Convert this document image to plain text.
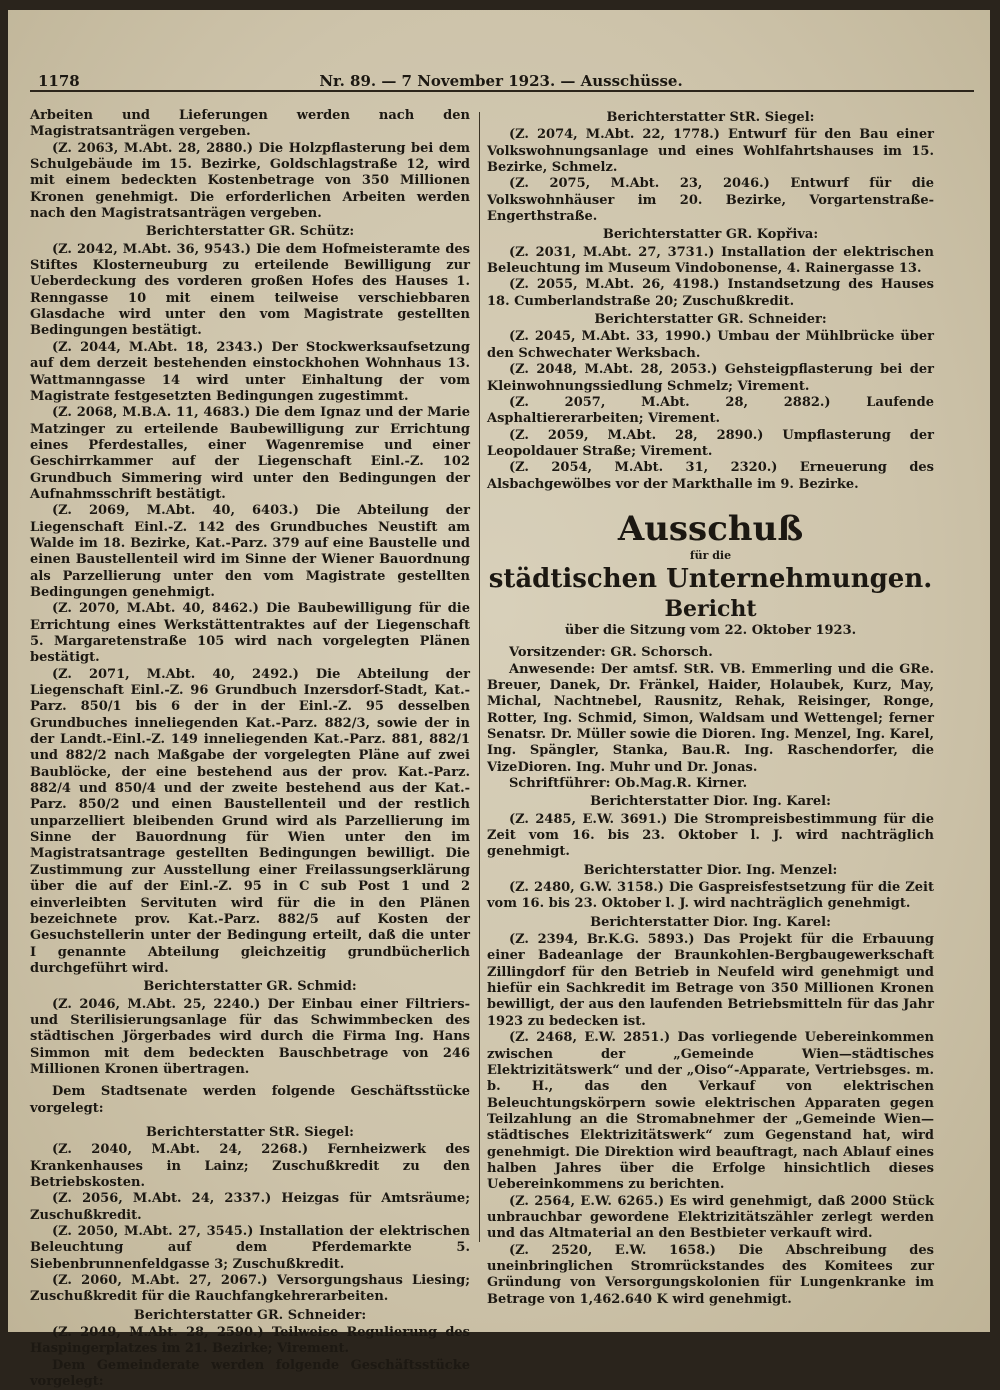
1178	Nr. 89. — 7 November 1923. — Ausschüsse.

Arbeiten und Lieferungen werden nach den Magistratsanträgen vergeben.

(Z. 2063, M.Abt. 28, 2880.) Die Holzpflasterung bei dem Schulgebäude im 15. Bezirke, Goldschlagstraße 12, wird mit einem bedeckten Kostenbetrage von 350 Millionen Kronen genehmigt. Die erforderlichen Arbeiten werden nach den Magistratsanträgen vergeben.

Berichterstatter GR. Schütz:

(Z. 2042, M.Abt. 36, 9543.) Die dem Hofmeisteramte des Stiftes Klosterneuburg zu erteilende Bewilligung zur Ueberdeckung des vorderen großen Hofes des Hauses 1. Renngasse 10 mit einem teilweise verschiebbaren Glasdache wird unter den vom Magistrate gestellten Bedingungen bestätigt.

(Z. 2044, M.Abt. 18, 2343.) Der Stockwerksaufsetzung auf dem derzeit bestehenden einstockhohen Wohnhaus 13. Wattmanngasse 14 wird unter Einhaltung der vom Magistrate festgesetzten Bedingungen zugestimmt.

(Z. 2068, M.B.A. 11, 4683.) Die dem Ignaz und der Marie Matzinger zu erteilende Baubewilligung zur Errichtung eines Pferdestalles, einer Wagenremise und einer Geschirrkammer auf der Liegenschaft Einl.-Z. 102 Grundbuch Simmering wird unter den Bedingungen der Aufnahmsschrift bestätigt.

(Z. 2069, M.Abt. 40, 6403.) Die Abteilung der Liegenschaft Einl.-Z. 142 des Grundbuches Neustift am Walde im 18. Bezirke, Kat.-Parz. 379 auf eine Baustelle und einen Baustellenteil wird im Sinne der Wiener Bauordnung als Parzellierung unter den vom Magistrate gestellten Bedingungen genehmigt.

(Z. 2070, M.Abt. 40, 8462.) Die Baubewilligung für die Errichtung eines Werkstättentraktes auf der Liegenschaft 5. Margaretenstraße 105 wird nach vorgelegten Plänen bestätigt.

(Z. 2071, M.Abt. 40, 2492.) Die Abteilung der Liegenschaft Einl.-Z. 96 Grundbuch Inzersdorf-Stadt, Kat.-Parz. 850/1 bis 6 der in der Einl.-Z. 95 desselben Grundbuches inneliegenden Kat.-Parz. 882/3, sowie der in der Landt.-Einl.-Z. 149 inneliegenden Kat.-Parz. 881, 882/1 und 882/2 nach Maßgabe der vorgelegten Pläne auf zwei Baublöcke, der eine bestehend aus der prov. Kat.-Parz. 882/4 und 850/4 und der zweite bestehend aus der Kat.-Parz. 850/2 und einen Baustellenteil und der restlich unparzelliert bleibenden Grund wird als Parzellierung im Sinne der Bauordnung für Wien unter den im Magistratsantrage gestellten Bedingungen bewilligt. Die Zustimmung zur Ausstellung einer Freilassungserklärung über die auf der Einl.-Z. 95 in C sub Post 1 und 2 einverleibten Servituten wird für die in den Plänen bezeichnete prov. Kat.-Parz. 882/5 auf Kosten der Gesuchstellerin unter der Bedingung erteilt, daß die unter I genannte Abteilung gleichzeitig grundbücherlich durchgeführt wird.

Berichterstatter GR. Schmid:

(Z. 2046, M.Abt. 25, 2240.) Der Einbau einer Filtriers- und Sterilisierungsanlage für das Schwimmbecken des städtischen Jörgerbades wird durch die Firma Ing. Hans Simmon mit dem bedeckten Bauschbetrage von 246 Millionen Kronen übertragen.

Dem Stadtsenate werden folgende Geschäftsstücke vorgelegt:

Berichterstatter StR. Siegel:

(Z. 2040, M.Abt. 24, 2268.) Fernheizwerk des Krankenhauses in Lainz; Zuschußkredit zu den Betriebskosten.

(Z. 2056, M.Abt. 24, 2337.) Heizgas für Amtsräume; Zuschußkredit.

(Z. 2050, M.Abt. 27, 3545.) Installation der elektrischen Beleuchtung auf dem Pferdemarkte 5. Siebenbrunnenfeldgasse 3; Zuschußkredit.

(Z. 2060, M.Abt. 27, 2067.) Versorgungshaus Liesing; Zuschußkredit für die Rauchfangkehrerarbeiten.

Berichterstatter GR. Schneider:

(Z. 2049, M.Abt. 28, 2590.) Teilweise Regulierung des Haspingerplatzes im 21. Bezirke; Virement.

Dem Gemeinderate werden folgende Geschäftsstücke vorgelegt:

Berichterstatter StR. Siegel:

(Z. 2074, M.Abt. 22, 1778.) Entwurf für den Bau einer Volkswohnungsanlage und eines Wohlfahrtshauses im 15. Bezirke, Schmelz.

(Z. 2075, M.Abt. 23, 2046.) Entwurf für die Volkswohnhäuser im 20. Bezirke, Vorgartenstraße-Engerthstraße.

Berichterstatter GR. Kopřiva:

(Z. 2031, M.Abt. 27, 3731.) Installation der elektrischen Beleuchtung im Museum Vindobonense, 4. Rainergasse 13.

(Z. 2055, M.Abt. 26, 4198.) Instandsetzung des Hauses 18. Cumberlandstraße 20; Zuschußkredit.

Berichterstatter GR. Schneider:

(Z. 2045, M.Abt. 33, 1990.) Umbau der Mühlbrücke über den Schwechater Werksbach.

(Z. 2048, M.Abt. 28, 2053.) Gehsteigpflasterung bei der Kleinwohnungssiedlung Schmelz; Virement.

(Z. 2057, M.Abt. 28, 2882.) Laufende Asphaltiererarbeiten; Virement.

(Z. 2059, M.Abt. 28, 2890.) Umpflasterung der Leopoldauer Straße; Virement.

(Z. 2054, M.Abt. 31, 2320.) Erneuerung des Alsbachgewölbes vor der Markthalle im 9. Bezirke.

Ausschuß
für die
städtischen Unternehmungen.
Bericht
über die Sitzung vom 22. Oktober 1923.

Vorsitzender: GR. Schorsch.

Anwesende: Der amtsf. StR. VB. Emmerling und die GRe. Breuer, Danek, Dr. Fränkel, Haider, Holaubek, Kurz, May, Michal, Nachtnebel, Rausnitz, Rehak, Reisinger, Ronge, Rotter, Ing. Schmid, Simon, Waldsam und Wettengel; ferner Senatsr. Dr. Müller sowie die Dioren. Ing. Menzel, Ing. Karel, Ing. Spängler, Stanka, Bau.R. Ing. Raschendorfer, die VizeDioren. Ing. Muhr und Dr. Jonas.

Schriftführer: Ob.Mag.R. Kirner.

Berichterstatter Dior. Ing. Karel:

(Z. 2485, E.W. 3691.) Die Strompreisbestimmung für die Zeit vom 16. bis 23. Oktober l. J. wird nachträglich genehmigt.

Berichterstatter Dior. Ing. Menzel:

(Z. 2480, G.W. 3158.) Die Gaspreisfestsetzung für die Zeit vom 16. bis 23. Oktober l. J. wird nachträglich genehmigt.

Berichterstatter Dior. Ing. Karel:

(Z. 2394, Br.K.G. 5893.) Das Projekt für die Erbauung einer Badeanlage der Braunkohlen-Bergbaugewerkschaft Zillingdorf für den Betrieb in Neufeld wird genehmigt und hiefür ein Sachkredit im Betrage von 350 Millionen Kronen bewilligt, der aus den laufenden Betriebsmitteln für das Jahr 1923 zu bedecken ist.

(Z. 2468, E.W. 2851.) Das vorliegende Uebereinkommen zwischen der „Gemeinde Wien—städtisches Elektrizitätswerk“ und der „Oiso“-Apparate, Vertriebsges. m. b. H., das den Verkauf von elektrischen Beleuchtungskörpern sowie elektrischen Apparaten gegen Teilzahlung an die Stromabnehmer der „Gemeinde Wien—städtisches Elektrizitätswerk“ zum Gegenstand hat, wird genehmigt. Die Direktion wird beauftragt, nach Ablauf eines halben Jahres über die Erfolge hinsichtlich dieses Uebereinkommens zu berichten.

(Z. 2564, E.W. 6265.) Es wird genehmigt, daß 2000 Stück unbrauchbar gewordene Elektrizitätszähler zerlegt werden und das Altmaterial an den Bestbieter verkauft wird.

(Z. 2520, E.W. 1658.) Die Abschreibung des uneinbringlichen Stromrückstandes des Komitees zur Gründung von Versorgungskolonien für Lungenkranke im Betrage von 1,462.640 K wird genehmigt.
